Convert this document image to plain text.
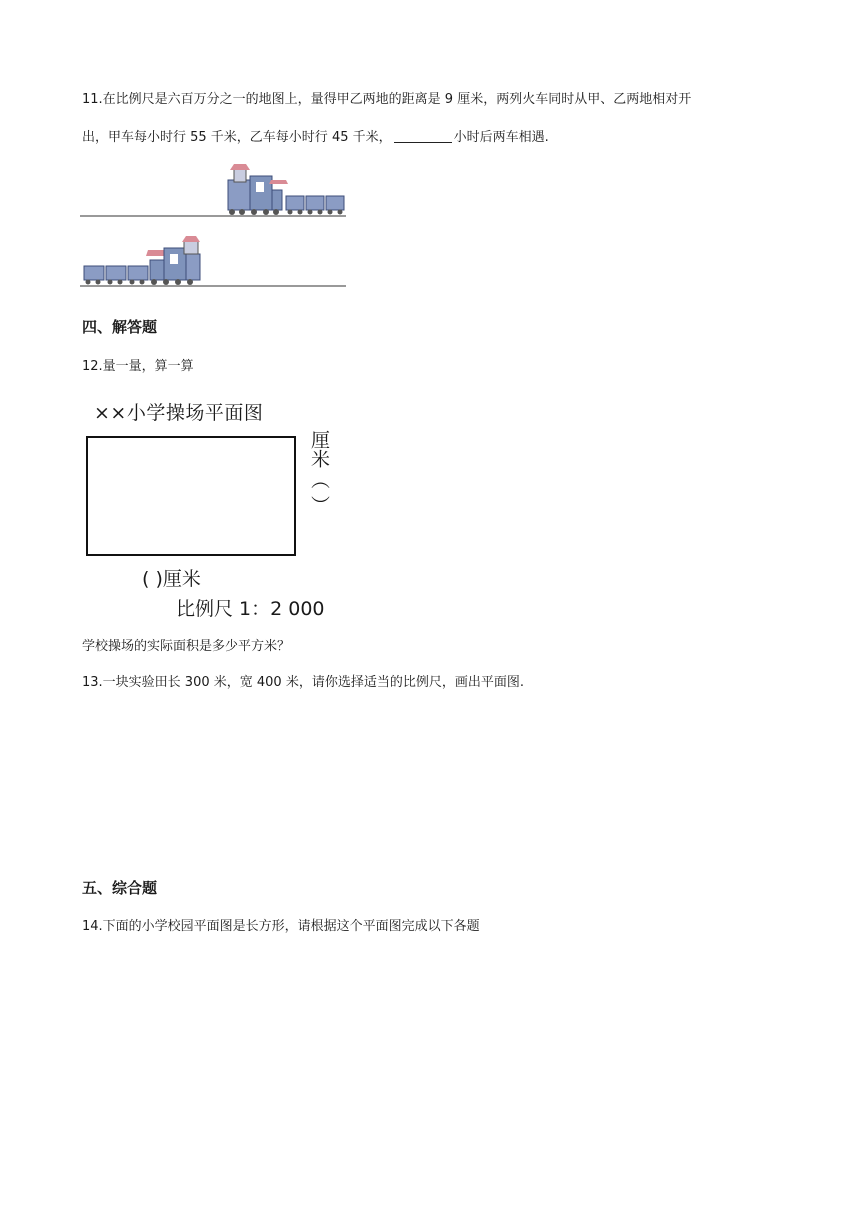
11.在比例尺是六百万分之一的地图上，量得甲乙两地的距离是 9 厘米，两列火车同时从甲、乙两地相对开
出，甲车每小时行 55 千米，乙车每小时行 45 千米，	小时后两车相遇.
四、解答题
12.量一量，算一算
××小学操场平面图
厘米
（ ）
( )厘米
比例尺 1：2 000
学校操场的实际面积是多少平方米？
13.一块实验田长 300 米，宽 400 米，请你选择适当的比例尺，画出平面图.
五、综合题
14.下面的小学校园平面图是长方形，请根据这个平面图完成以下各题
